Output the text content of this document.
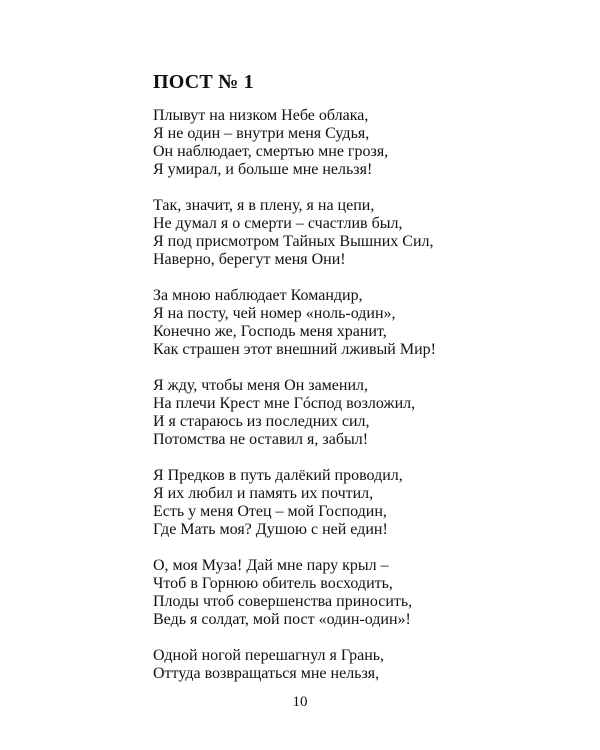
ПОСТ № 1
Плывут на низком Небе облака,
Я не один – внутри меня Судья,
Он наблюдает, смертью мне грозя,
Я умирал, и больше мне нельзя!
Так, значит, я в плену, я на цепи,
Не думал я о смерти – счастлив был,
Я под присмотром Тайных Вышних Сил,
Наверно, берегут меня Они!
За мною наблюдает Командир,
Я на посту, чей номер «ноль-один»,
Конечно же, Господь меня хранит,
Как страшен этот внешний лживый Мир!
Я жду, чтобы меня Он заменил,
На плечи Крест мне Гóспод возложил,
И я стараюсь из последних сил,
Потомства не оставил я, забыл!
Я Предков в путь далёкий проводил,
Я их любил и память их почтил,
Есть у меня Отец – мой Господин,
Где Мать моя? Душою с ней един!
О, моя Муза! Дай мне пару крыл –
Чтоб в Горнюю обитель восходить,
Плоды чтоб совершенства приносить,
Ведь я солдат, мой пост «один-один»!
Одной ногой перешагнул я Грань,
Оттуда возвращаться мне нельзя,
10
